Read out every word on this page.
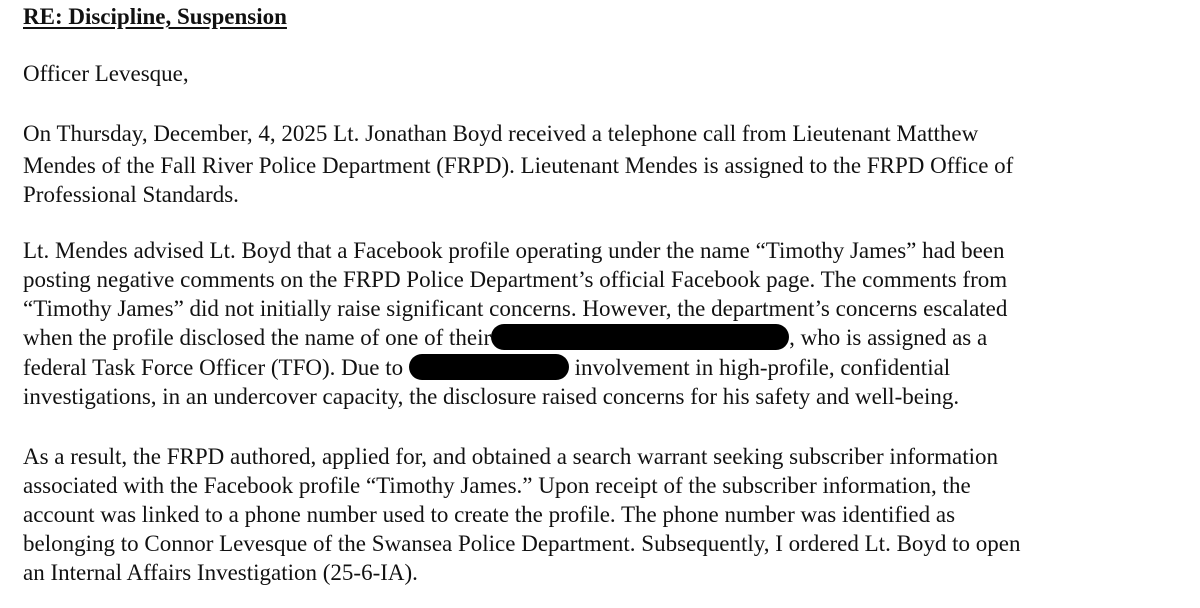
RE: Discipline, Suspension
Officer Levesque,
On Thursday, December, 4, 2025 Lt. Jonathan Boyd received a telephone call from Lieutenant Matthew
Mendes of the Fall River Police Department (FRPD). Lieutenant Mendes is assigned to the FRPD Office of
Professional Standards.
Lt. Mendes advised Lt. Boyd that a Facebook profile operating under the name “Timothy James” had been
posting negative comments on the FRPD Police Department’s official Facebook page. The comments from
“Timothy James” did not initially raise significant concerns. However, the department’s concerns escalated
when the profile disclosed the name of one of their	, who is assigned as a
federal Task Force Officer (TFO). Due to	involvement in high-profile, confidential
investigations, in an undercover capacity, the disclosure raised concerns for his safety and well-being.
As a result, the FRPD authored, applied for, and obtained a search warrant seeking subscriber information
associated with the Facebook profile “Timothy James.” Upon receipt of the subscriber information, the
account was linked to a phone number used to create the profile. The phone number was identified as
belonging to Connor Levesque of the Swansea Police Department. Subsequently, I ordered Lt. Boyd to open
an Internal Affairs Investigation (25-6-IA).
